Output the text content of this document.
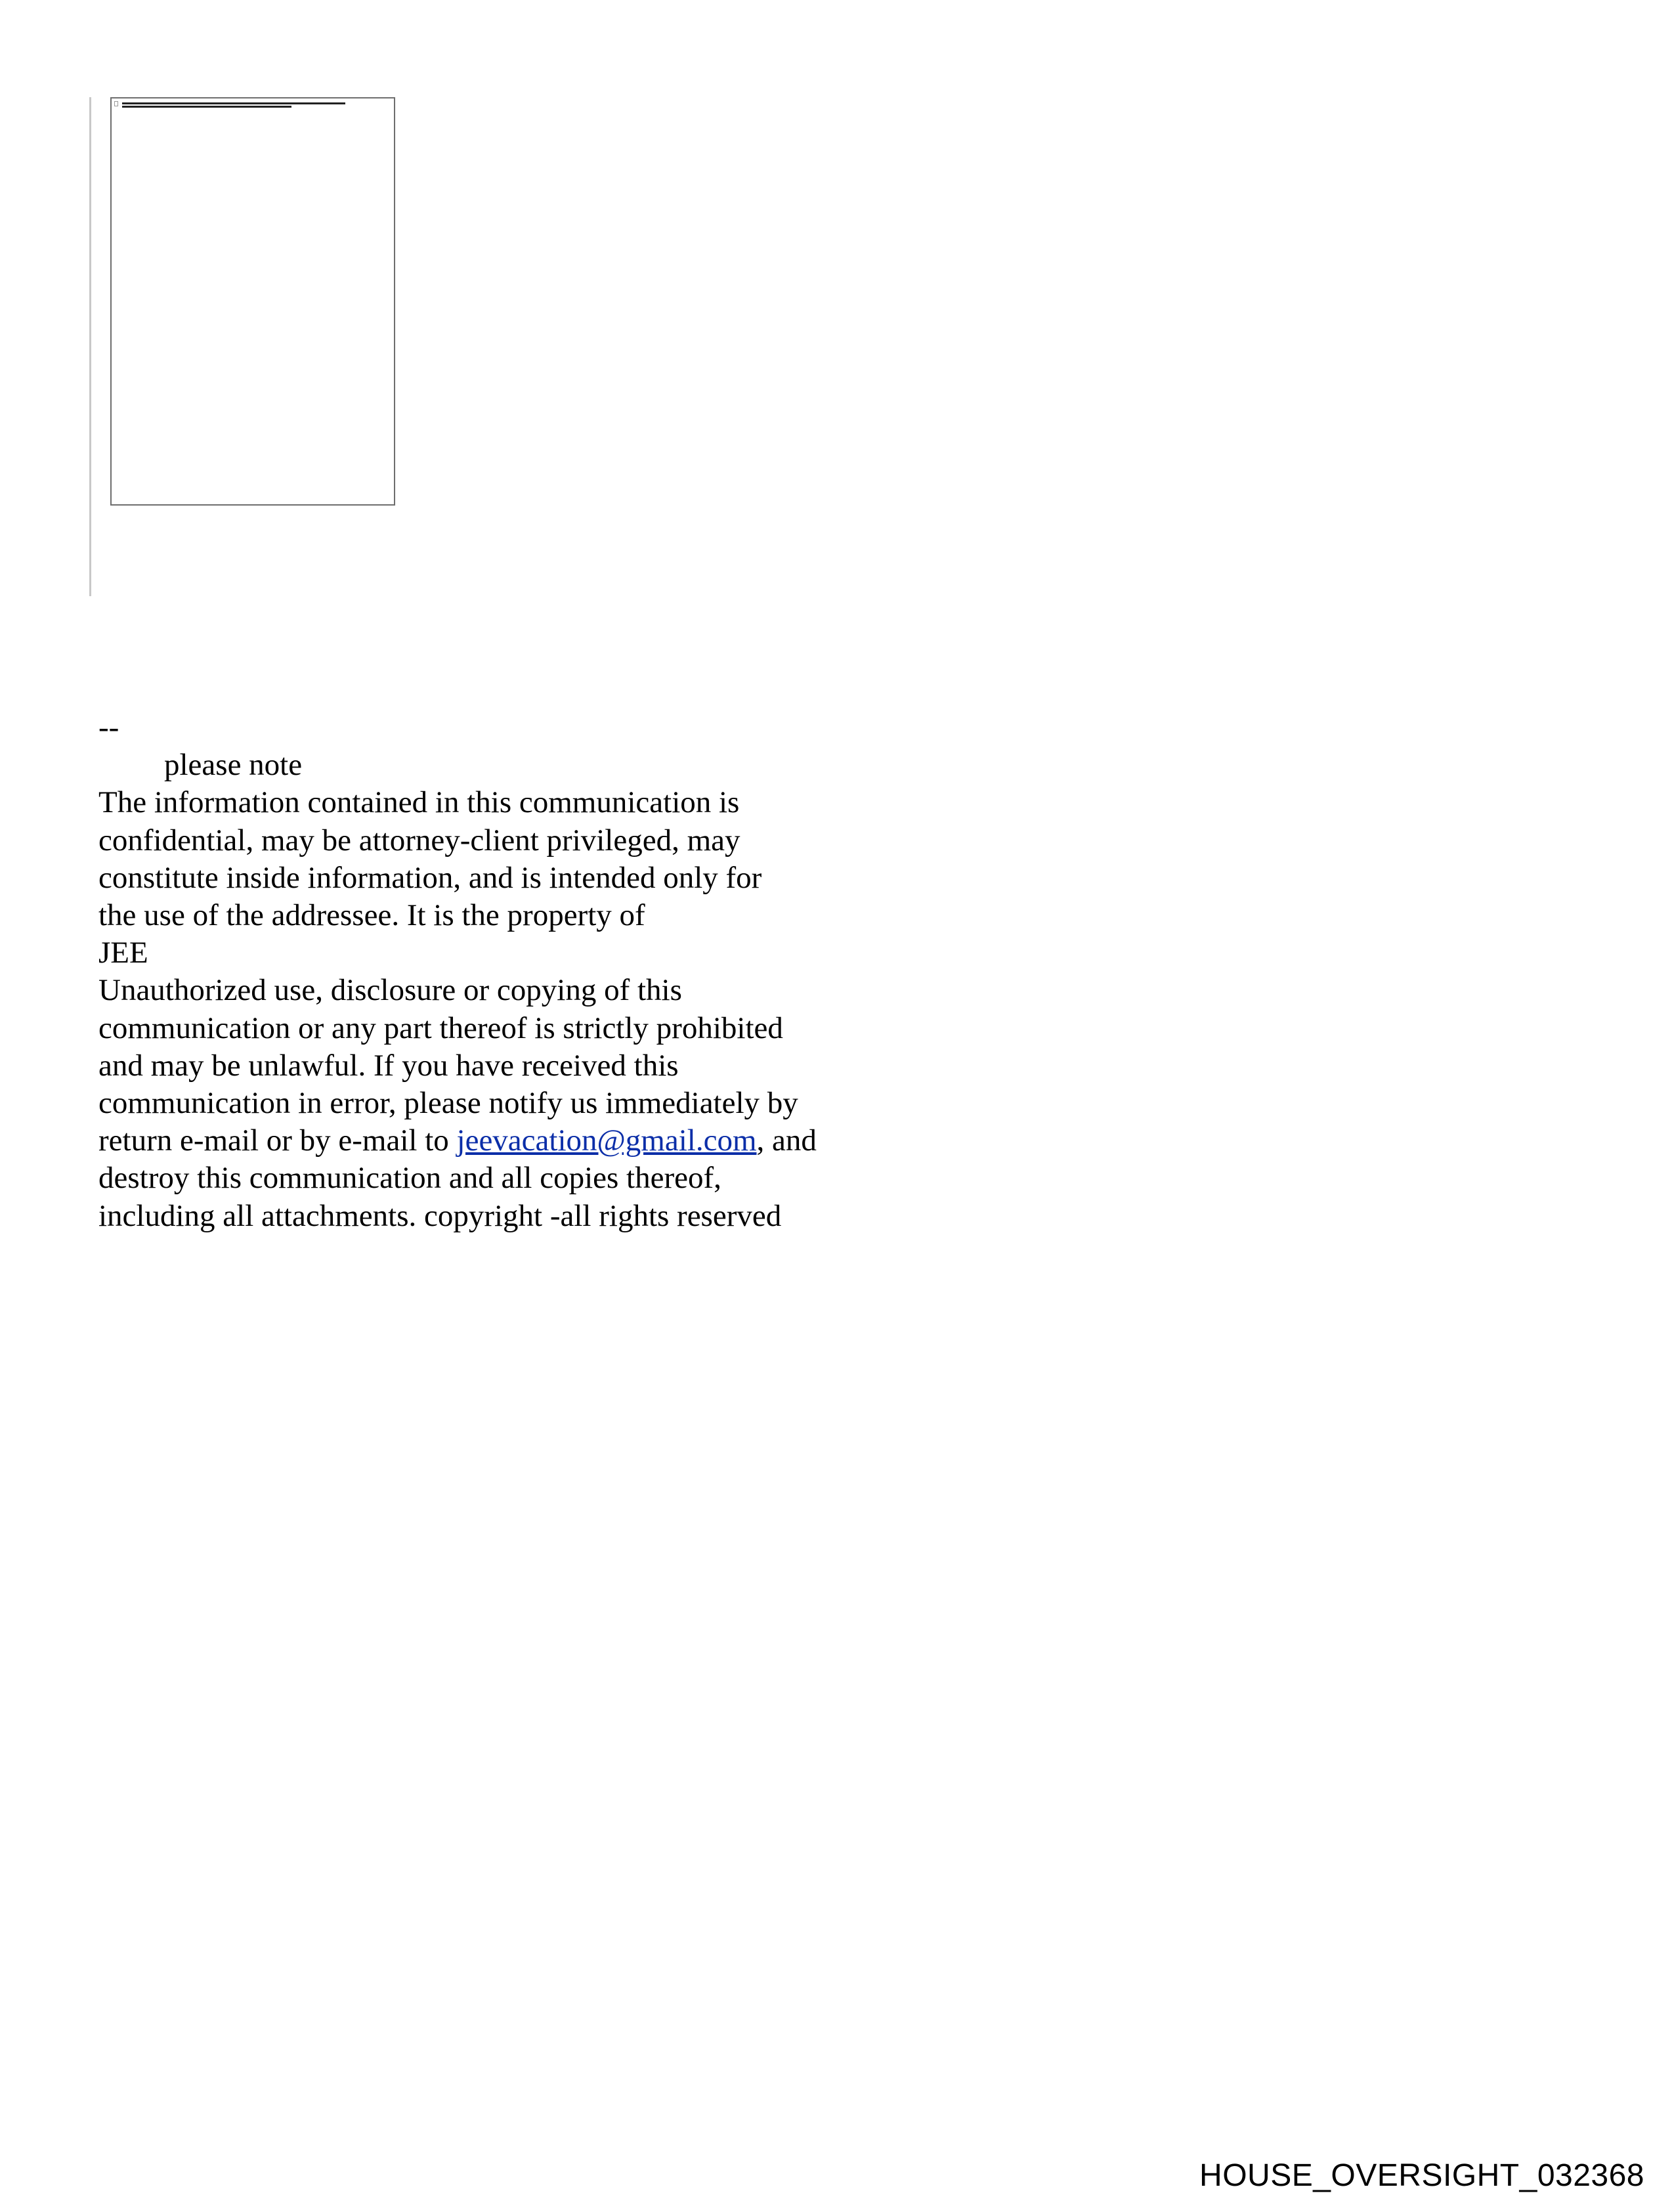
--

please note

The information contained in this communication is

confidential, may be attorney-client privileged, may

constitute inside information, and is intended only for

the use of the addressee. It is the property of

JEE

Unauthorized use, disclosure or copying of this

communication or any part thereof is strictly prohibited

and may be unlawful. If you have received this

communication in error, please notify us immediately by

return e-mail or by e-mail to jeevacation@gmail.com, and

destroy this communication and all copies thereof,

including all attachments. copyright -all rights reserved

HOUSE_OVERSIGHT_032368
